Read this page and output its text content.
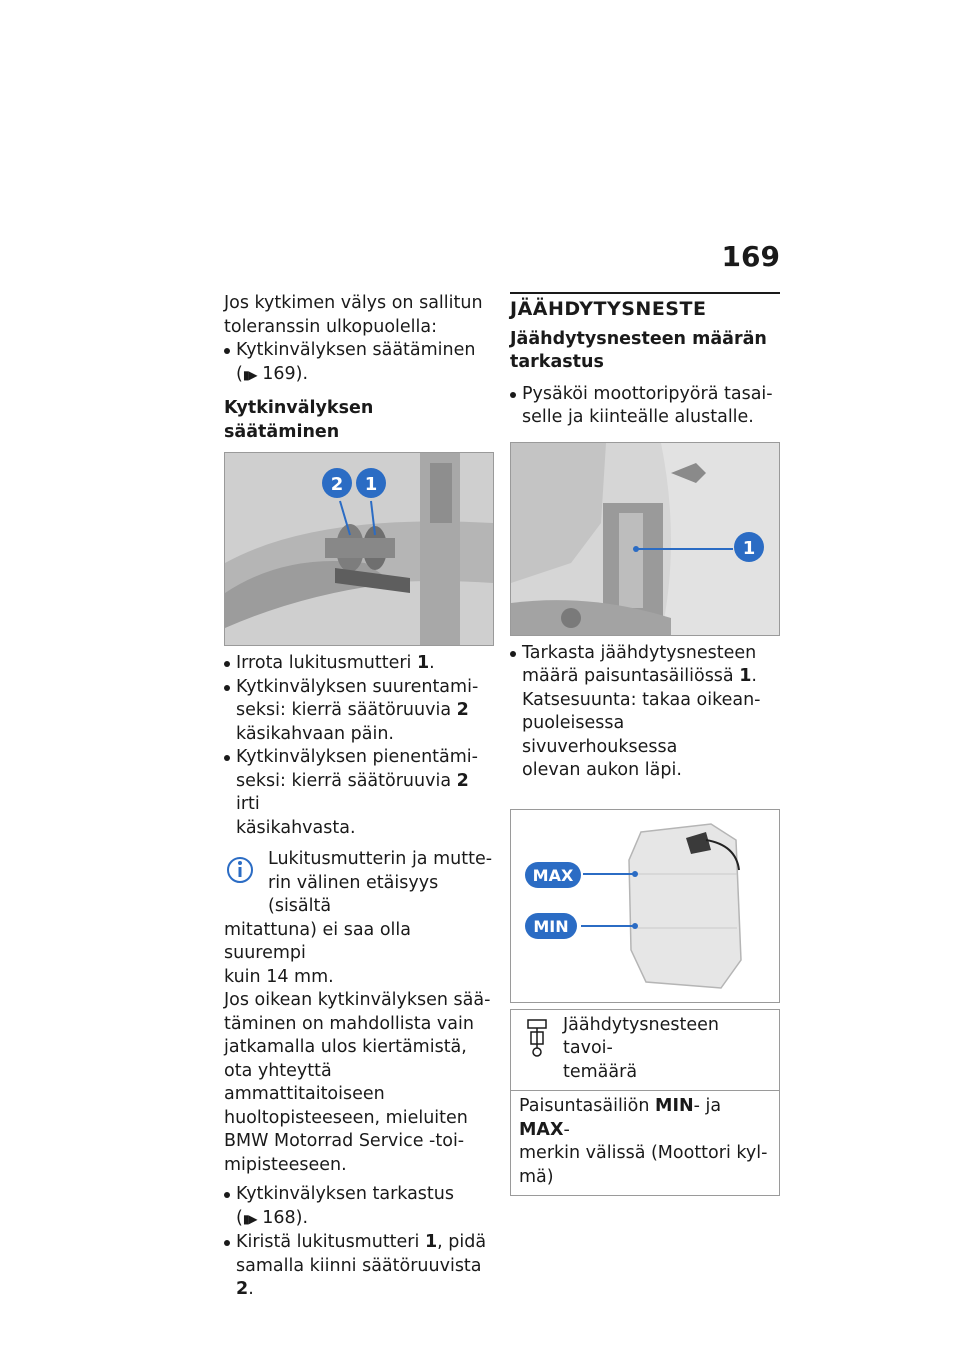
169

Jos kytkimen välys on sallitun

toleranssin ulkopuolella:

Kytkinvälyksen säätäminen
(▮▶ 169).

Kytkinvälyksen säätäminen

2 1
Irrota lukitusmutteri 1.
Kytkinvälyksen suurentami-
seksi: kierrä säätöruuvia 2
käsikahvaan päin.
Kytkinvälyksen pienentämi-
seksi: kierrä säätöruuvia 2 irti
käsikahvasta.

Lukitusmutterin ja mutte-

rin välinen etäisyys (sisältä

mitattuna) ei saa olla suurempi

kuin 14 mm.

Jos oikean kytkinvälyksen sää-

täminen on mahdollista vain

jatkamalla ulos kiertämistä,

ota yhteyttä ammattitaitoiseen

huoltopisteeseen, mieluiten

BMW Motorrad Service -toi-

mipisteeseen.

Kytkinvälyksen tarkastus
(▮▶ 168).
Kiristä lukitusmutteri 1, pidä
samalla kiinni säätöruuvista 2.
JÄÄHDYTYSNESTE

Jäähdytysnesteen määrän
tarkastus

Pysäköi moottoripyörä tasai-
selle ja kiinteälle alustalle.
1
Tarkasta jäähdytysnesteen
määrä paisuntasäiliössä 1.
Katsesuunta: takaa oikean-
puoleisessa sivuverhouksessa
olevan aukon läpi.
MAX
MIN

Jäähdytysnesteen tavoi-

temäärä

Paisuntasäiliön MIN- ja MAX-
merkin välissä (Moottori kyl-
mä)
